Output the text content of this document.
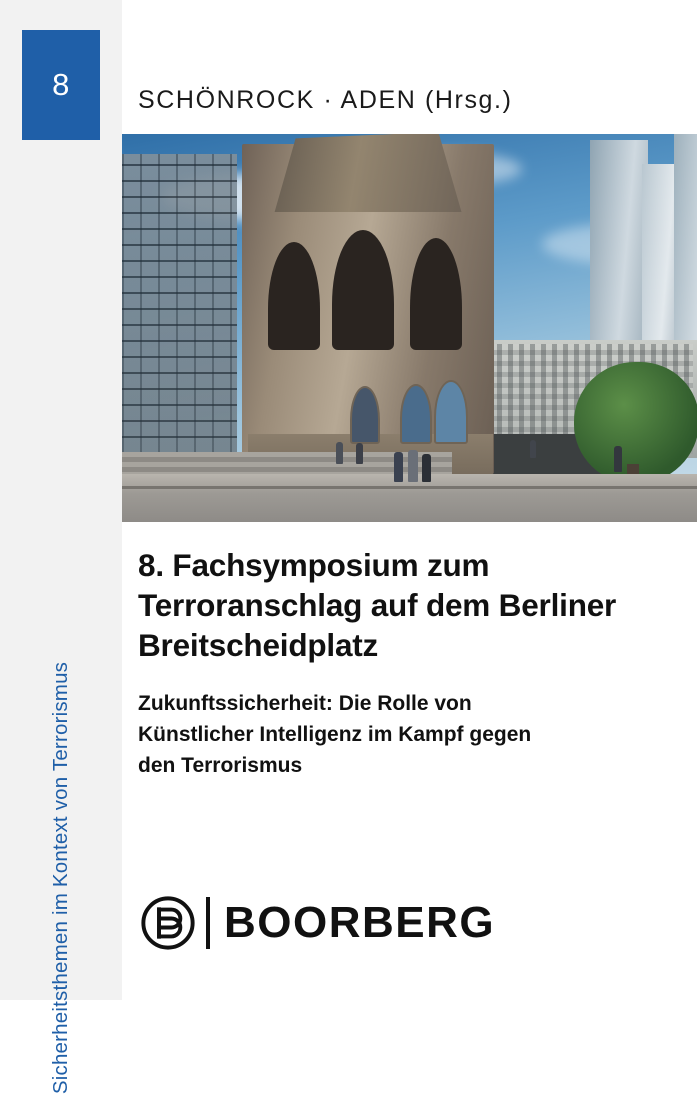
8
Sicherheitsthemen im Kontext von Terrorismus
SCHÖNROCK · ADEN (Hrsg.)
8. Fachsymposium zum Terroranschlag auf dem Berliner Breitscheidplatz
Zukunftssicherheit: Die Rolle von Künstlicher Intelligenz im Kampf gegen den Terrorismus
BOORBERG
